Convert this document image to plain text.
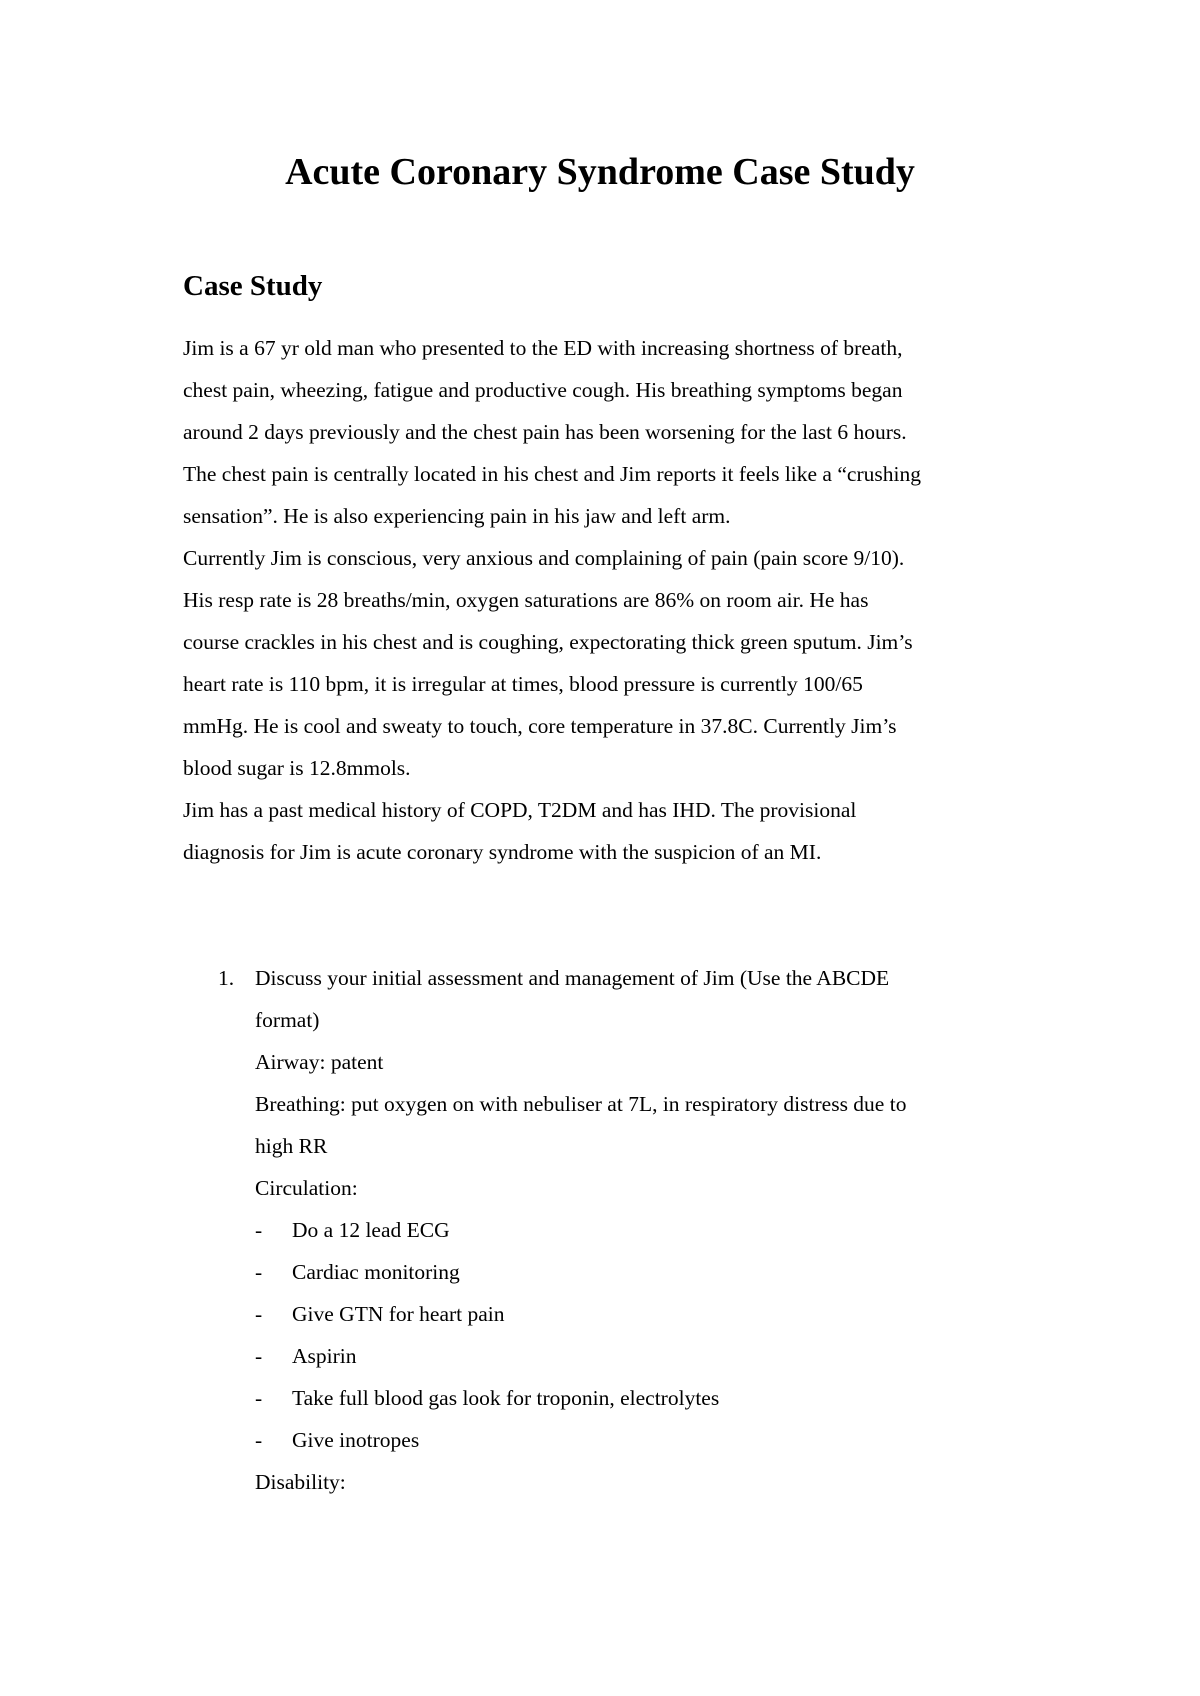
Acute Coronary Syndrome Case Study
Case Study

Jim is a 67 yr old man who presented to the ED with increasing shortness of breath,

chest pain, wheezing, fatigue and productive cough. His breathing symptoms began

around 2 days previously and the chest pain has been worsening for the last 6 hours.

The chest pain is centrally located in his chest and Jim reports it feels like a “crushing

sensation”. He is also experiencing pain in his jaw and left arm.

Currently Jim is conscious, very anxious and complaining of pain (pain score 9/10).

His resp rate is 28 breaths/min, oxygen saturations are 86% on room air. He has

course crackles in his chest and is coughing, expectorating thick green sputum. Jim’s

heart rate is 110 bpm, it is irregular at times, blood pressure is currently 100/65

mmHg. He is cool and sweaty to touch, core temperature in 37.8C. Currently Jim’s

blood sugar is 12.8mmols.

Jim has a past medical history of COPD, T2DM and has IHD. The provisional

diagnosis for Jim is acute coronary syndrome with the suspicion of an MI.

1. Discuss your initial assessment and management of Jim (Use the ABCDE
format)
Airway: patent
Breathing: put oxygen on with nebuliser at 7L, in respiratory distress due to
high RR
Circulation:
- Do a 12 lead ECG
- Cardiac monitoring
- Give GTN for heart pain
- Aspirin
- Take full blood gas look for troponin, electrolytes
- Give inotropes
Disability:
